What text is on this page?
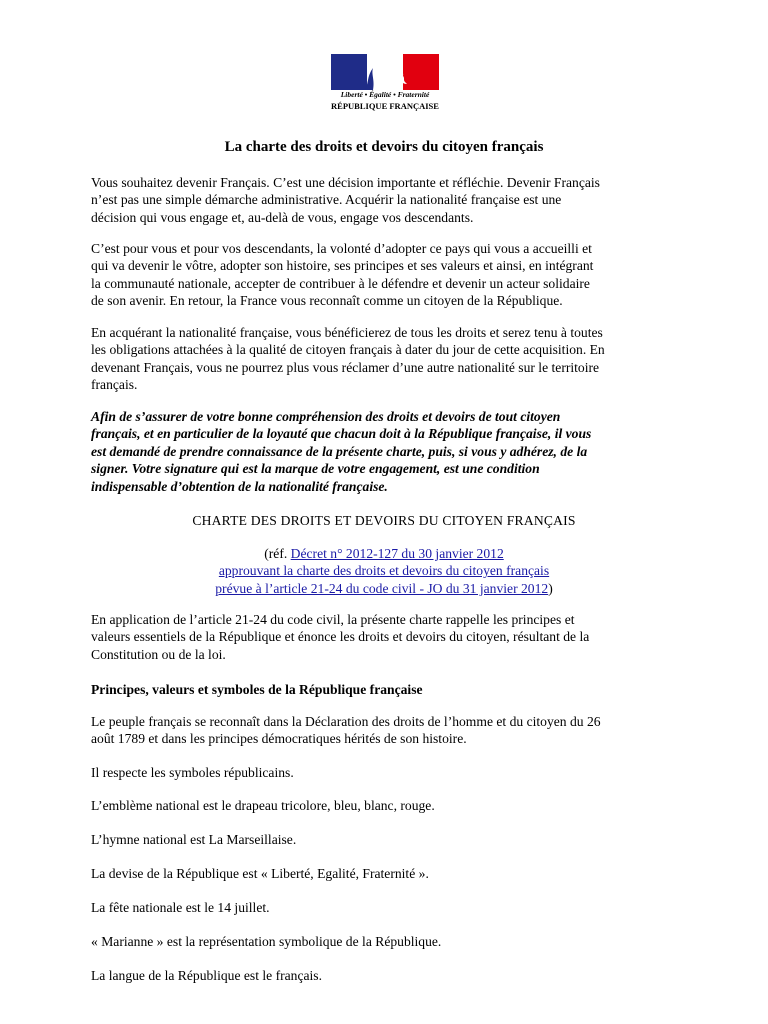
Liberté • Égalité • Fraternité
RÉPUBLIQUE FRANÇAISE
La charte des droits et devoirs du citoyen français
Vous souhaitez devenir Français. C’est une décision importante et réfléchie. Devenir Français
n’est pas une simple démarche administrative. Acquérir la nationalité française est une
décision qui vous engage et, au-delà de vous, engage vos descendants.
C’est pour vous et pour vos descendants, la volonté d’adopter ce pays qui vous a accueilli et
qui va devenir le vôtre, adopter son histoire, ses principes et ses valeurs et ainsi, en intégrant
la communauté nationale, accepter de contribuer à le défendre et devenir un acteur solidaire
de son avenir. En retour, la France vous reconnaît comme un citoyen de la République.
En acquérant la nationalité française, vous bénéficierez de tous les droits et serez tenu à toutes
les obligations attachées à la qualité de citoyen français à dater du jour de cette acquisition. En
devenant Français, vous ne pourrez plus vous réclamer d’une autre nationalité sur le territoire
français.
Afin de s’assurer de votre bonne compréhension des droits et devoirs de tout citoyen
français, et en particulier de la loyauté que chacun doit à la République française, il vous
est demandé de prendre connaissance de la présente charte, puis, si vous y adhérez, de la
signer. Votre signature qui est la marque de votre engagement, est une condition
indispensable d’obtention de la nationalité française.
CHARTE DES DROITS ET DEVOIRS DU CITOYEN FRANÇAIS
(réf. Décret n° 2012-127 du 30 janvier 2012
approuvant la charte des droits et devoirs du citoyen français
prévue à l’article 21-24 du code civil - JO du 31 janvier 2012)
En application de l’article 21-24 du code civil, la présente charte rappelle les principes et
valeurs essentiels de la République et énonce les droits et devoirs du citoyen, résultant de la
Constitution ou de la loi.
Principes, valeurs et symboles de la République française
Le peuple français se reconnaît dans la Déclaration des droits de l’homme et du citoyen du 26
août 1789 et dans les principes démocratiques hérités de son histoire.
Il respecte les symboles républicains.
L’emblème national est le drapeau tricolore, bleu, blanc, rouge.
L’hymne national est La Marseillaise.
La devise de la République est « Liberté, Egalité, Fraternité ».
La fête nationale est le 14 juillet.
« Marianne » est la représentation symbolique de la République.
La langue de la République est le français.
